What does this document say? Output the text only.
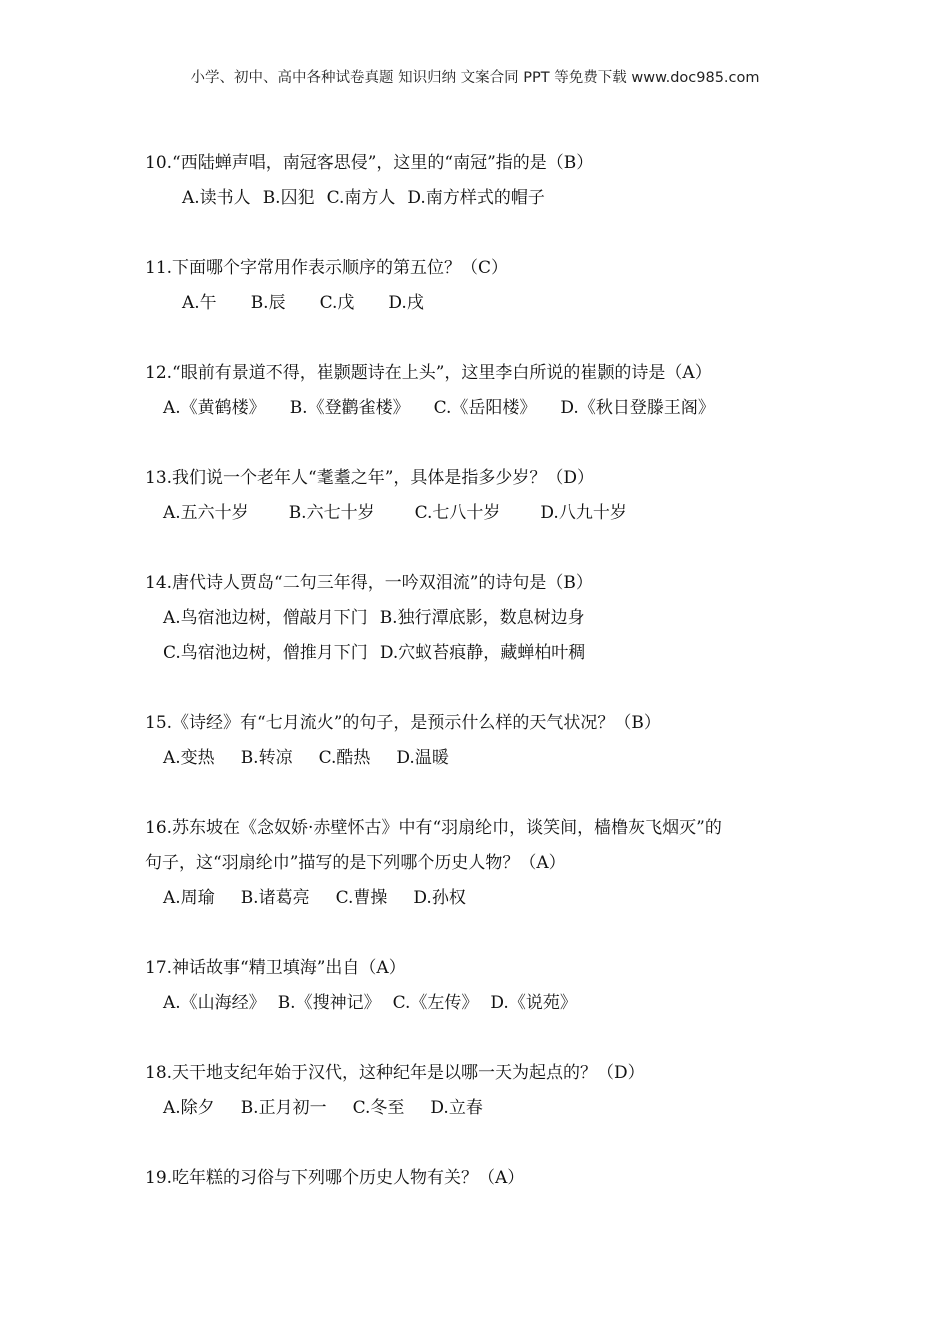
小学、初中、高中各种试卷真题 知识归纳 文案合同 PPT 等免费下载 www.doc985.com
10.“西陆蝉声唱，南冠客思侵”，这里的“南冠”指的是（B）
A.读书人 B.囚犯 C.南方人 D.南方样式的帽子
11.下面哪个字常用作表示顺序的第五位？（C）
A.午 B.辰 C.戊 D.戌
12.“眼前有景道不得，崔颢题诗在上头”，这里李白所说的崔颢的诗是（A）
A.《黄鹤楼》 B.《登鹳雀楼》 C.《岳阳楼》 D.《秋日登滕王阁》
13.我们说一个老年人“耄耋之年”，具体是指多少岁？（D）
A.五六十岁 B.六七十岁 C.七八十岁 D.八九十岁
14.唐代诗人贾岛“二句三年得，一吟双泪流”的诗句是（B）
A.鸟宿池边树，僧敲月下门 B.独行潭底影，数息树边身
C.鸟宿池边树，僧推月下门 D.穴蚁苔痕静，藏蝉柏叶稠
15.《诗经》有“七月流火”的句子，是预示什么样的天气状况？（B）
A.变热 B.转凉 C.酷热 D.温暖
16.苏东坡在《念奴娇·赤壁怀古》中有“羽扇纶巾，谈笑间，樯橹灰飞烟灭”的
句子，这“羽扇纶巾”描写的是下列哪个历史人物？（A）
A.周瑜 B.诸葛亮 C.曹操 D.孙权
17.神话故事“精卫填海”出自（A）
A.《山海经》 B.《搜神记》 C.《左传》 D.《说苑》
18.天干地支纪年始于汉代，这种纪年是以哪一天为起点的？（D）
A.除夕 B.正月初一 C.冬至 D.立春
19.吃年糕的习俗与下列哪个历史人物有关？（A）
